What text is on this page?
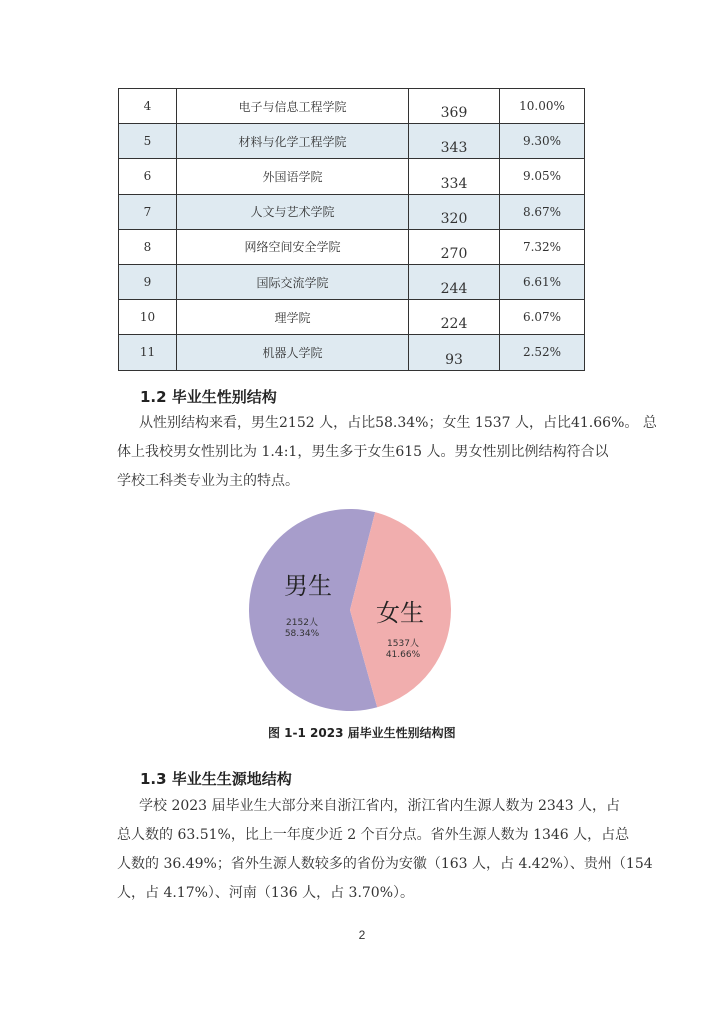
4	电子与信息工程学院	369	10.00%
5	材料与化学工程学院	343	9.30%
6	外国语学院	334	9.05%
7	人文与艺术学院	320	8.67%
8	网络空间安全学院	270	7.32%
9	国际交流学院	244	6.61%
10	理学院	224	6.07%
11	机器人学院	93	2.52%
1.2 毕业生性别结构
从性别结构来看，男生2152 人，占比58.34%；女生 1537 人，占比41.66%。 总
体上我校男女性别比为 1.4:1，男生多于女生615 人。男女性别比例结构符合以
学校工科类专业为主的特点。
男生
2152人
58.34%
女生
1537人
41.66%
图 1-1 2023 届毕业生性别结构图
1.3 毕业生生源地结构
学校 2023 届毕业生大部分来自浙江省内，浙江省内生源人数为 2343 人，占
总人数的 63.51%，比上一年度少近 2 个百分点。省外生源人数为 1346 人，占总
人数的 36.49%；省外生源人数较多的省份为安徽（163 人，占 4.42%）、贵州（154
人，占 4.17%）、河南（136 人，占 3.70%）。
2
